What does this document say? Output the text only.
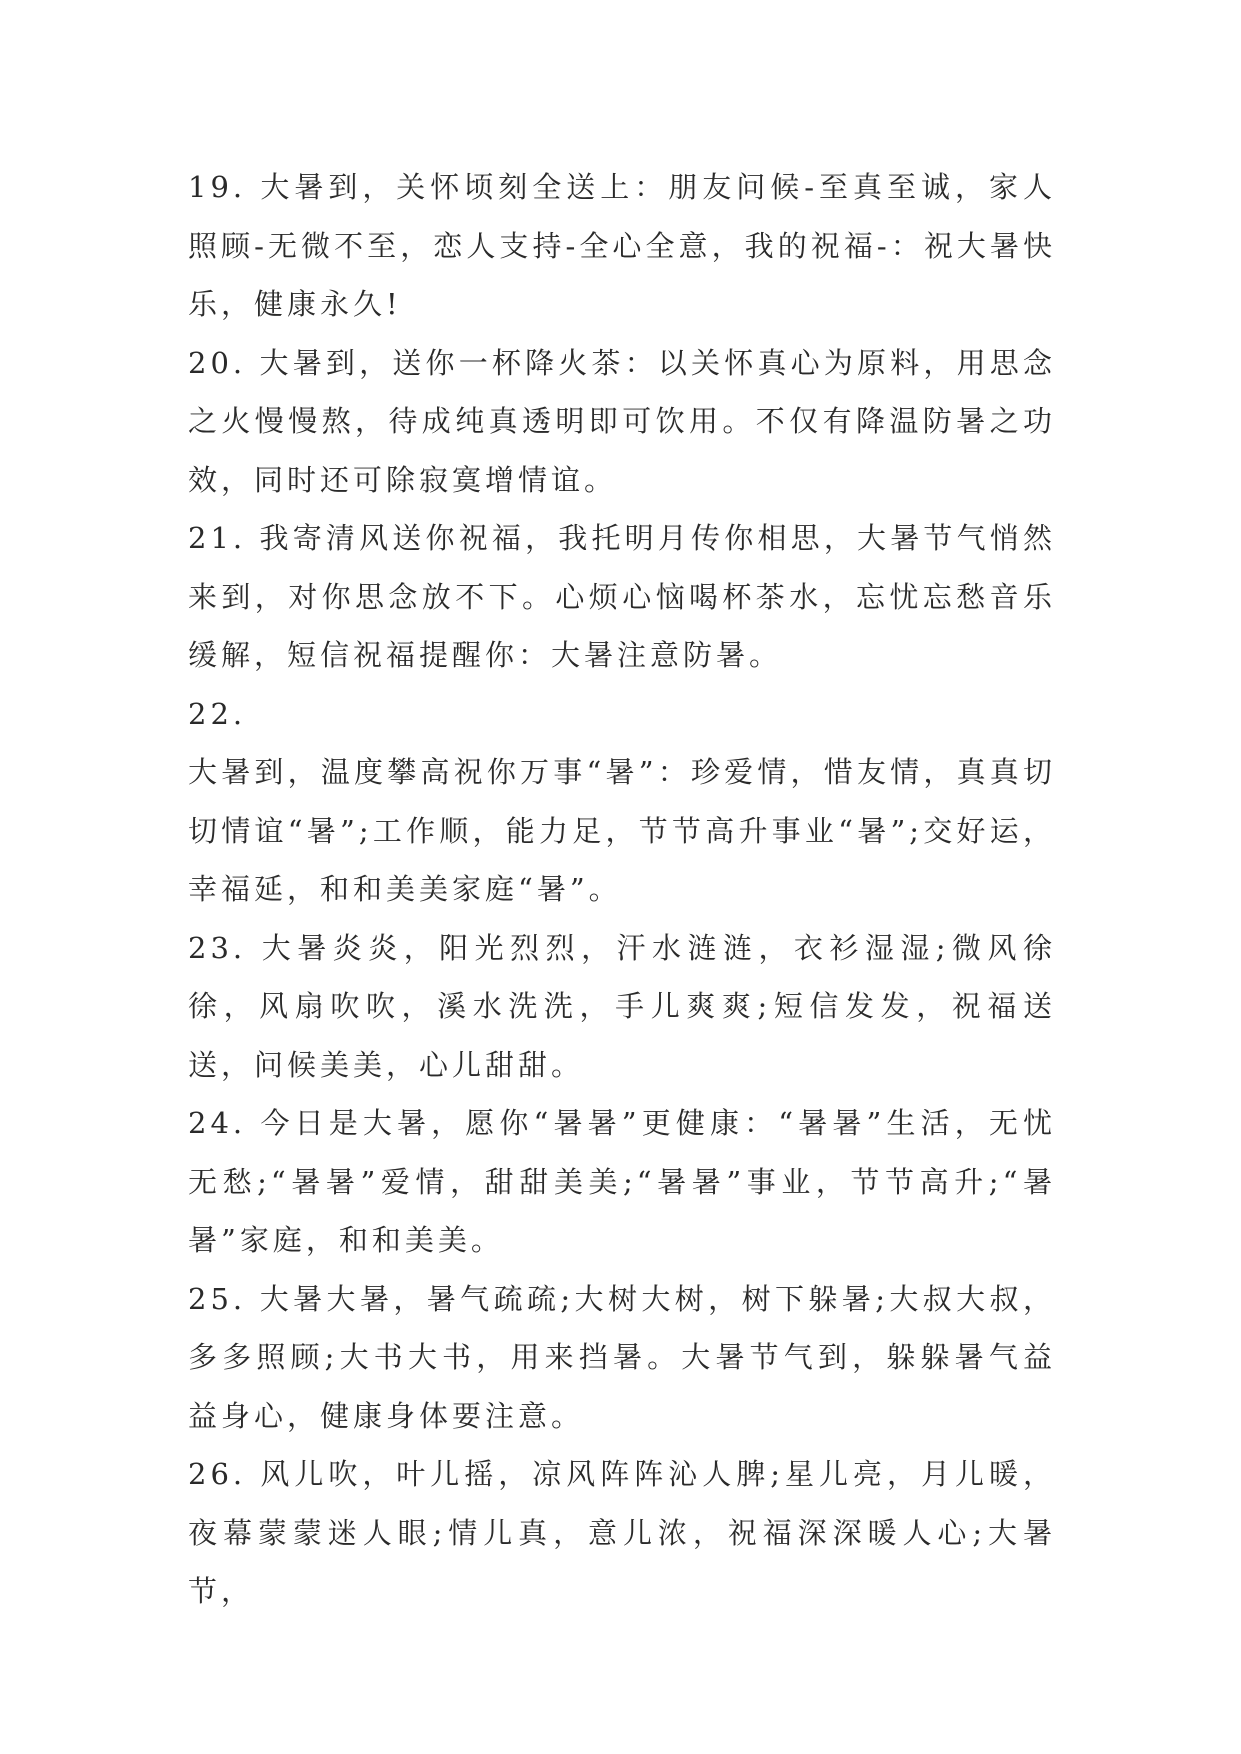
19. 大暑到，关怀顷刻全送上：朋友问候-至真至诚，家人照顾-无微不至，恋人支持-全心全意，我的祝福-：祝大暑快乐，健康永久!

20. 大暑到，送你一杯降火茶：以关怀真心为原料，用思念之火慢慢熬，待成纯真透明即可饮用。不仅有降温防暑之功效，同时还可除寂寞增情谊。

21. 我寄清风送你祝福，我托明月传你相思，大暑节气悄然来到，对你思念放不下。心烦心恼喝杯茶水，忘忧忘愁音乐缓解，短信祝福提醒你：大暑注意防暑。

22.

大暑到，温度攀高祝你万事“暑”：珍爱情，惜友情，真真切切情谊“暑”;工作顺，能力足，节节高升事业“暑”;交好运，幸福延，和和美美家庭“暑”。

23. 大暑炎炎，阳光烈烈，汗水涟涟，衣衫湿湿;微风徐徐，风扇吹吹，溪水洗洗，手儿爽爽;短信发发，祝福送送，问候美美，心儿甜甜。

24. 今日是大暑，愿你“暑暑”更健康：“暑暑”生活，无忧无愁;“暑暑”爱情，甜甜美美;“暑暑”事业，节节高升;“暑暑”家庭，和和美美。

25. 大暑大暑，暑气疏疏;大树大树，树下躲暑;大叔大叔，多多照顾;大书大书，用来挡暑。大暑节气到，躲躲暑气益益身心，健康身体要注意。

26. 风儿吹，叶儿摇，凉风阵阵沁人脾;星儿亮，月儿暖，夜幕蒙蒙迷人眼;情儿真，意儿浓，祝福深深暖人心;大暑节，
